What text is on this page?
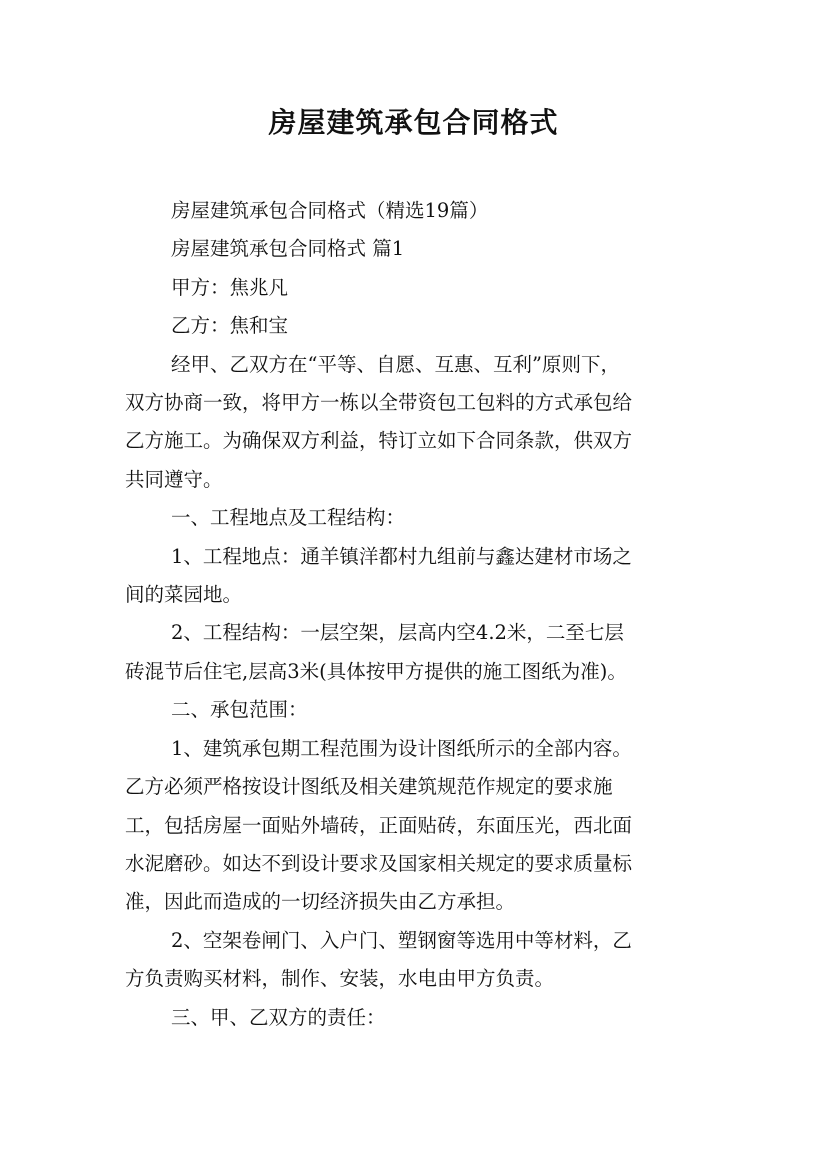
房屋建筑承包合同格式
房屋建筑承包合同格式（精选19篇）
房屋建筑承包合同格式 篇1
甲方：焦兆凡
乙方：焦和宝
经甲、乙双方在“平等、自愿、互惠、互利”原则下，
双方协商一致，将甲方一栋以全带资包工包料的方式承包给
乙方施工。为确保双方利益，特订立如下合同条款，供双方
共同遵守。
一、工程地点及工程结构：
1、工程地点：通羊镇洋都村九组前与鑫达建材市场之
间的菜园地。
2、工程结构：一层空架，层高内空4.2米，二至七层
砖混节后住宅,层高3米(具体按甲方提供的施工图纸为准)。
二、承包范围：
1、建筑承包期工程范围为设计图纸所示的全部内容。
乙方必须严格按设计图纸及相关建筑规范作规定的要求施
工，包括房屋一面贴外墙砖，正面贴砖，东面压光，西北面
水泥磨砂。如达不到设计要求及国家相关规定的要求质量标
准，因此而造成的一切经济损失由乙方承担。
2、空架卷闸门、入户门、塑钢窗等选用中等材料，乙
方负责购买材料，制作、安装，水电由甲方负责。
三、甲、乙双方的责任：
